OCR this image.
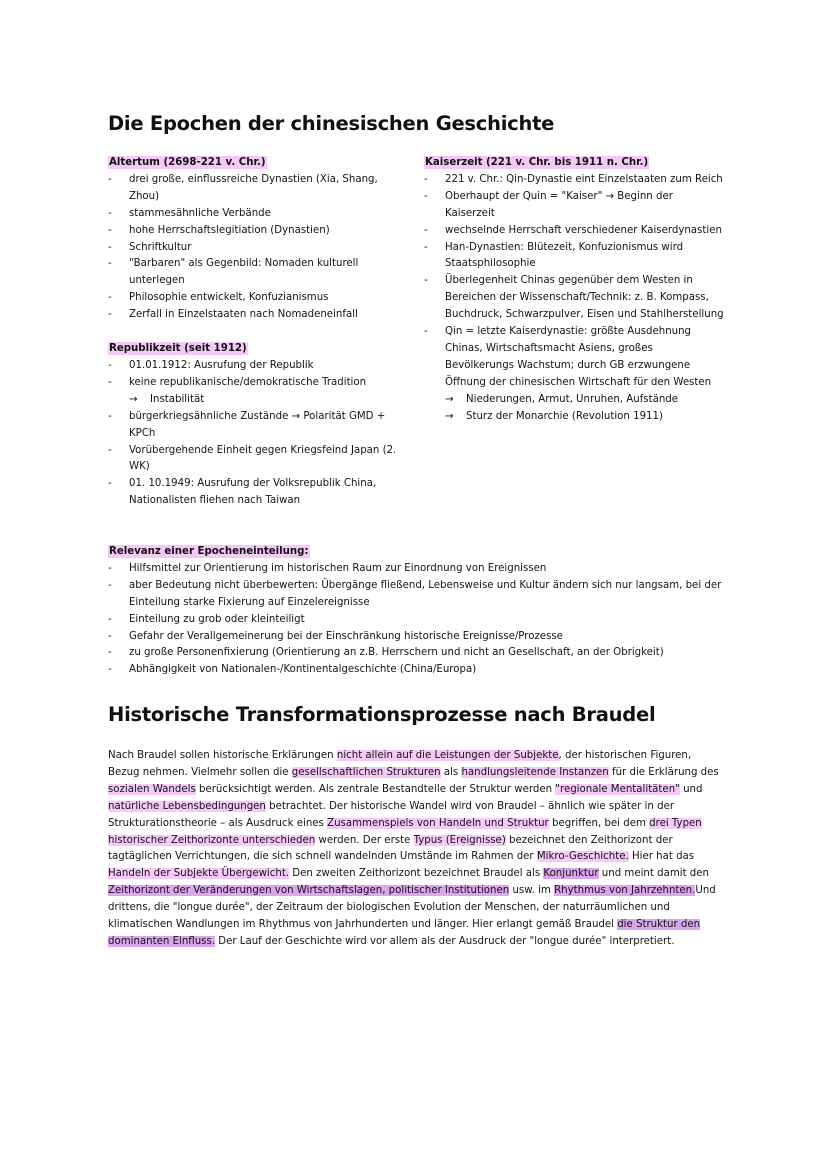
Die Epochen der chinesischen Geschichte
Altertum (2698-221 v. Chr.)
- drei große, einflussreiche Dynastien (Xia, Shang, Zhou)
- stammesähnliche Verbände
- hohe Herrschaftslegitiation (Dynastien)
- Schriftkultur
- "Barbaren" als Gegenbild: Nomaden kulturell unterlegen
- Philosophie entwickelt, Konfuzianismus
- Zerfall in Einzelstaaten nach Nomadeneinfall
Republikzeit (seit 1912)
- 01.01.1912: Ausrufung der Republik
- keine republikanische/demokratische Tradition
→ Instabilität
- bürgerkriegsähnliche Zustände → Polarität GMD + KPCh
- Vorübergehende Einheit gegen Kriegsfeind Japan (2. WK)
- 01. 10.1949: Ausrufung der Volksrepublik China, Nationalisten fliehen nach Taiwan
Kaiserzeit (221 v. Chr. bis 1911 n. Chr.)
- 221 v. Chr.: Qin-Dynastie eint Einzelstaaten zum Reich
- Oberhaupt der Quin = "Kaiser" → Beginn der Kaiserzeit
- wechselnde Herrschaft verschiedener Kaiserdynastien
- Han-Dynastien: Blütezeit, Konfuzionismus wird Staatsphilosophie
- Überlegenheit Chinas gegenüber dem Westen in Bereichen der Wissenschaft/Technik: z. B. Kompass, Buchdruck, Schwarzpulver, Eisen und Stahlherstellung
- Qin = letzte Kaiserdynastie: größte Ausdehnung Chinas, Wirtschaftsmacht Asiens, großes Bevölkerungs Wachstum; durch GB erzwungene Öffnung der chinesischen Wirtschaft für den Westen
→ Niederungen, Armut, Unruhen, Aufstände
→ Sturz der Monarchie (Revolution 1911)
Relevanz einer Epocheneinteilung:
- Hilfsmittel zur Orientierung im historischen Raum zur Einordnung von Ereignissen
- aber Bedeutung nicht überbewerten: Übergänge fließend, Lebensweise und Kultur ändern sich nur langsam, bei der Einteilung starke Fixierung auf Einzelereignisse
- Einteilung zu grob oder kleinteiligt
- Gefahr der Verallgemeinerung bei der Einschränkung historische Ereignisse/Prozesse
- zu große Personenfixierung (Orientierung an z.B. Herrschern und nicht an Gesellschaft, an der Obrigkeit)
- Abhängigkeit von Nationalen-/Kontinentalgeschichte (China/Europa)
Historische Transformationsprozesse nach Braudel
Nach Braudel sollen historische Erklärungen nicht allein auf die Leistungen der Subjekte, der historischen Figuren, Bezug nehmen. Vielmehr sollen die gesellschaftlichen Strukturen als handlungsleitende Instanzen für die Erklärung des sozialen Wandels berücksichtigt werden. Als zentrale Bestandteile der Struktur werden "regionale Mentalitäten" und natürliche Lebensbedingungen betrachtet. Der historische Wandel wird von Braudel – ähnlich wie später in der Strukturationstheorie – als Ausdruck eines Zusammenspiels von Handeln und Struktur begriffen, bei dem drei Typen historischer Zeithorizonte unterschieden werden. Der erste Typus (Ereignisse) bezeichnet den Zeithorizont der tagtäglichen Verrichtungen, die sich schnell wandelnden Umstände im Rahmen der Mikro-Geschichte. Hier hat das Handeln der Subjekte Übergewicht. Den zweiten Zeithorizont bezeichnet Braudel als Konjunktur und meint damit den Zeithorizont der Veränderungen von Wirtschaftslagen, politischer Institutionen usw. im Rhythmus von Jahrzehnten.Und drittens, die "longue durée", der Zeitraum der biologischen Evolution der Menschen, der naturräumlichen und klimatischen Wandlungen im Rhythmus von Jahrhunderten und länger. Hier erlangt gemäß Braudel die Struktur den dominanten Einfluss. Der Lauf der Geschichte wird vor allem als der Ausdruck der "longue durée" interpretiert.
